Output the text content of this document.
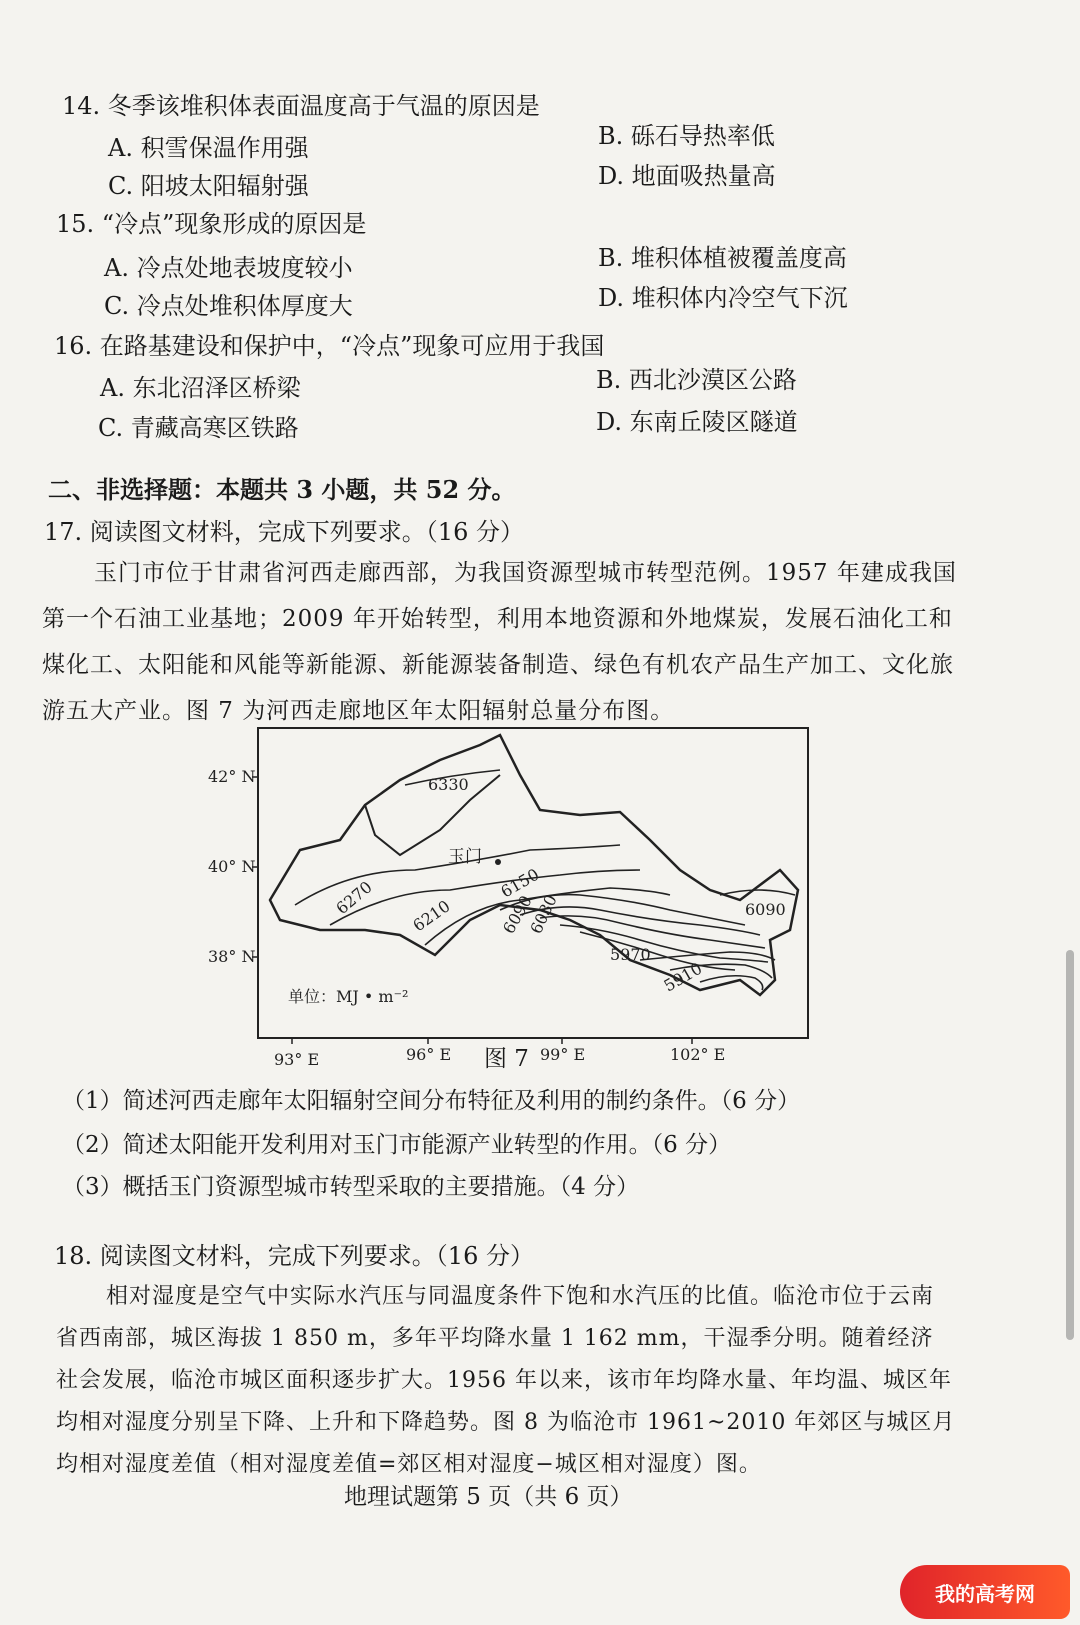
14. 冬季该堆积体表面温度高于气温的原因是
A. 积雪保温作用强	B. 砾石导热率低
C. 阳坡太阳辐射强	D. 地面吸热量高
15. “冷点”现象形成的原因是
A. 冷点处地表坡度较小	B. 堆积体植被覆盖度高
C. 冷点处堆积体厚度大	D. 堆积体内冷空气下沉
16. 在路基建设和保护中，“冷点”现象可应用于我国
A. 东北沼泽区桥梁	B. 西北沙漠区公路
C. 青藏高寒区铁路	D. 东南丘陵区隧道
二、非选择题：本题共 3 小题，共 52 分。
17. 阅读图文材料，完成下列要求。（16 分）
玉门市位于甘肃省河西走廊西部，为我国资源型城市转型范例。1957 年建成我国第一个石油工业基地；2009 年开始转型，利用本地资源和外地煤炭，发展石油化工和煤化工、太阳能和风能等新能源、新能源装备制造、绿色有机农产品生产加工、文化旅游五大产业。图 7 为河西走廊地区年太阳辐射总量分布图。
玉门
6330
6270 6210
6150
6090
6030
5970
5910
6090
单位：MJ • m⁻²
42° N
40° N
38° N
93° E	96° E	99° E	102° E
图 7
（1）简述河西走廊年太阳辐射空间分布特征及利用的制约条件。（6 分）
（2）简述太阳能开发利用对玉门市能源产业转型的作用。（6 分）
（3）概括玉门资源型城市转型采取的主要措施。（4 分）
18. 阅读图文材料，完成下列要求。（16 分）
相对湿度是空气中实际水汽压与同温度条件下饱和水汽压的比值。临沧市位于云南省西南部，城区海拔 1 850 m，多年平均降水量 1 162 mm，干湿季分明。随着经济社会发展，临沧市城区面积逐步扩大。1956 年以来，该市年均降水量、年均温、城区年均相对湿度分别呈下降、上升和下降趋势。图 8 为临沧市 1961~2010 年郊区与城区月均相对湿度差值（相对湿度差值=郊区相对湿度−城区相对湿度）图。
地理试题第 5 页（共 6 页）
我的高考网
